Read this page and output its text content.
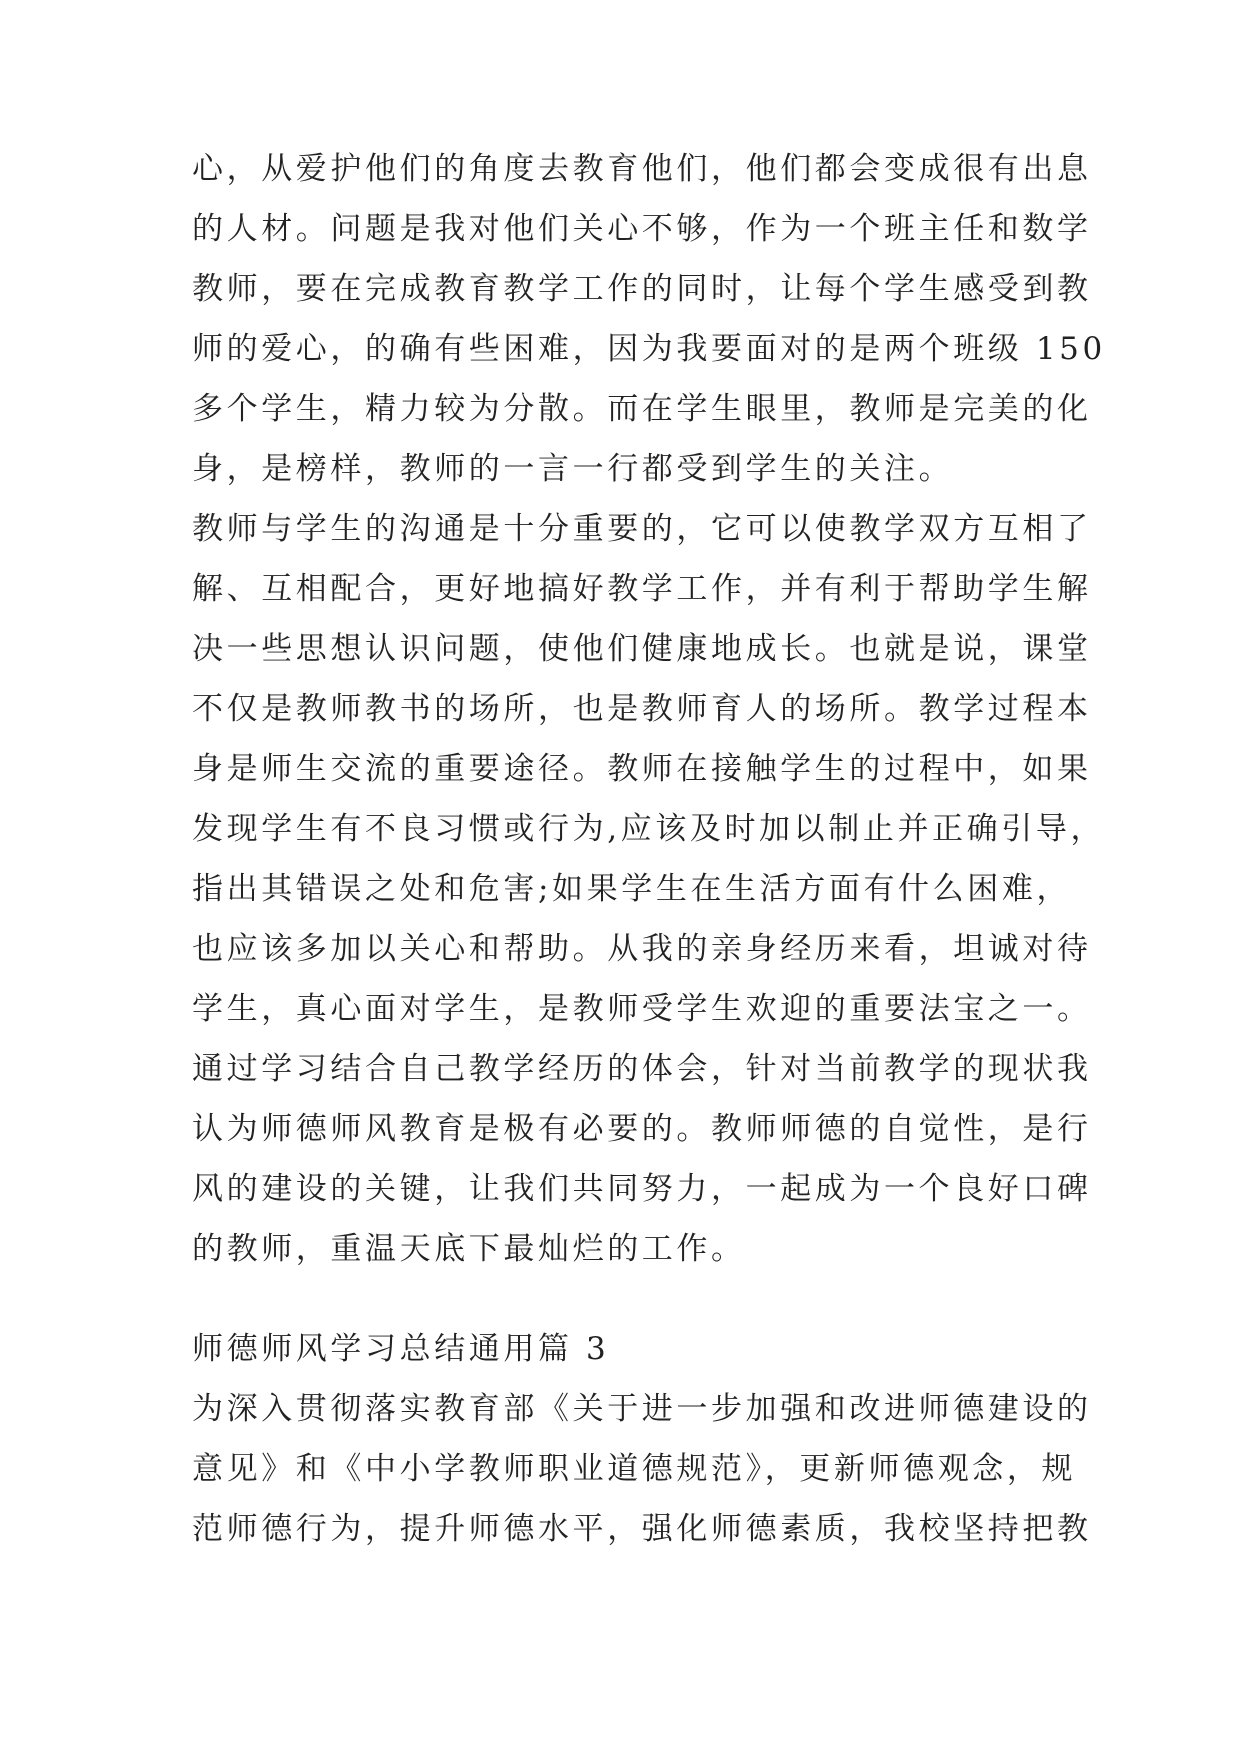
心，从爱护他们的角度去教育他们，他们都会变成很有出息
的人材。问题是我对他们关心不够，作为一个班主任和数学
教师，要在完成教育教学工作的同时，让每个学生感受到教
师的爱心，的确有些困难，因为我要面对的是两个班级 150
多个学生，精力较为分散。而在学生眼里，教师是完美的化
身，是榜样，教师的一言一行都受到学生的关注。
教师与学生的沟通是十分重要的，它可以使教学双方互相了
解、互相配合，更好地搞好教学工作，并有利于帮助学生解
决一些思想认识问题，使他们健康地成长。也就是说，课堂
不仅是教师教书的场所，也是教师育人的场所。教学过程本
身是师生交流的重要途径。教师在接触学生的过程中，如果
发现学生有不良习惯或行为,应该及时加以制止并正确引导，
指出其错误之处和危害;如果学生在生活方面有什么困难，
也应该多加以关心和帮助。从我的亲身经历来看，坦诚对待
学生，真心面对学生，是教师受学生欢迎的重要法宝之一。
通过学习结合自己教学经历的体会，针对当前教学的现状我
认为师德师风教育是极有必要的。教师师德的自觉性，是行
风的建设的关键，让我们共同努力，一起成为一个良好口碑
的教师，重温天底下最灿烂的工作。
师德师风学习总结通用篇 3
为深入贯彻落实教育部《关于进一步加强和改进师德建设的
意见》和《中小学教师职业道德规范》，更新师德观念，规
范师德行为，提升师德水平，强化师德素质，我校坚持把教
